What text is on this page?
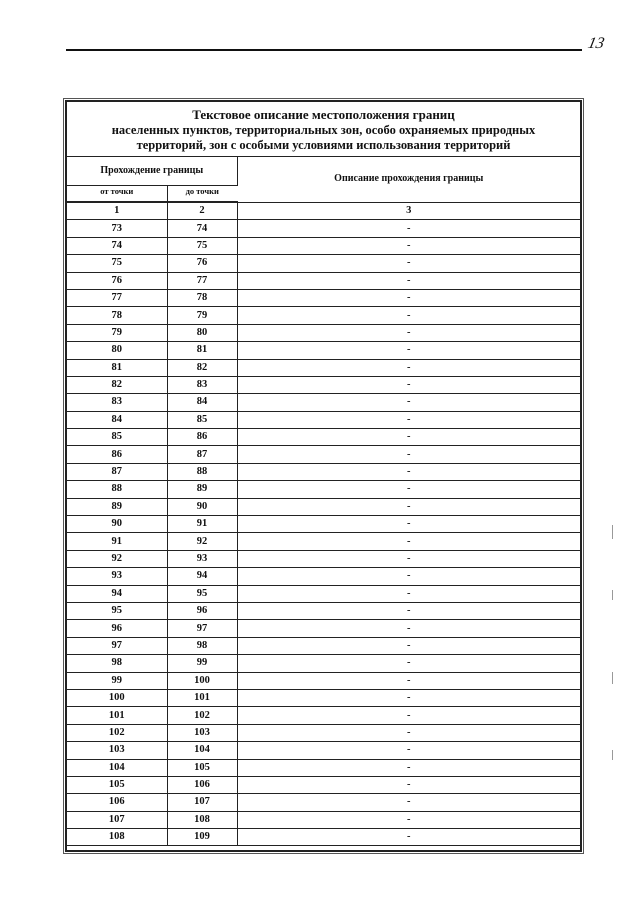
13
Текстовое описание местоположения границ
населенных пунктов, территориальных зон, особо охраняемых природных

территорий, зон с особыми условиями использования территорий
Прохождение границы		Описание прохождения границы
от точки	до точки	
1	2	3
73	74	-
74	75	-
75	76	-
76	77	-
77	78	-
78	79	-
79	80	-
80	81	-
81	82	-
82	83	-
83	84	-
84	85	-
85	86	-
86	87	-
87	88	-
88	89	-
89	90	-
90	91	-
91	92	-
92	93	-
93	94	-
94	95	-
95	96	-
96	97	-
97	98	-
98	99	-
99	100	-
100	101	-
101	102	-
102	103	-
103	104	-
104	105	-
105	106	-
106	107	-
107	108	-
108	109	-
